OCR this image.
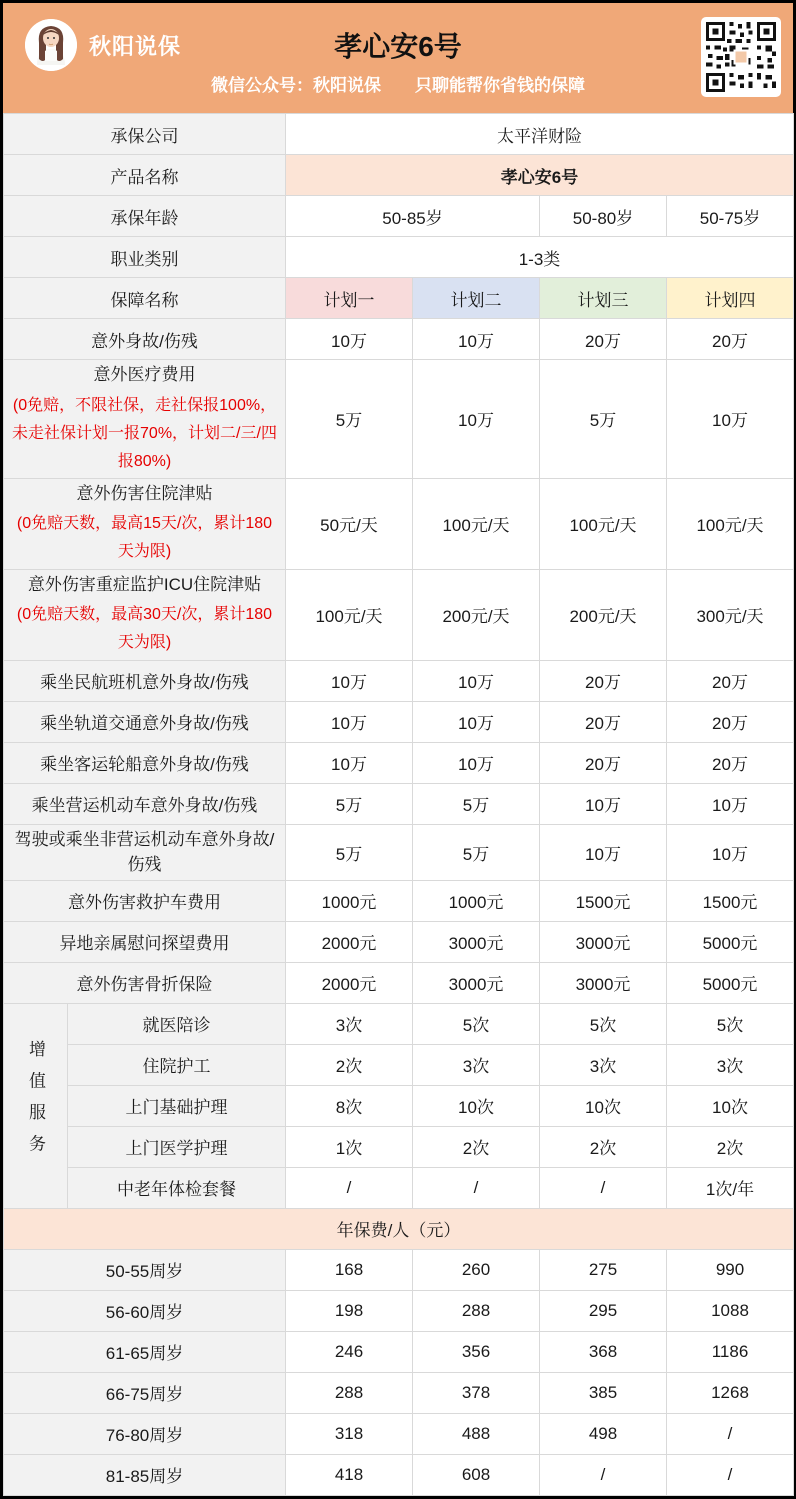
秋阳说保	孝心安6号
微信公众号：秋阳说保　　只聊能帮你省钱的保障
承保公司		太平洋财险			
产品名称		孝心安6号			
承保年龄		50-85岁		50-80岁	50-75岁
职业类别		1-3类			
保障名称		计划一	计划二	计划三	计划四
意外身故/伤残		10万	10万	20万	20万

意外医疗费用
(0免赔，不限社保，走社保报100%，未走社保计划一报70%，计划二/三/四报80%)		5万	10万	5万	10万

意外伤害住院津贴
(0免赔天数，最高15天/次，累计180天为限)		50元/天	100元/天	100元/天	100元/天

意外伤害重症监护ICU住院津贴
(0免赔天数，最高30天/次，累计180天为限)		100元/天	200元/天	200元/天	300元/天
乘坐民航班机意外身故/伤残		10万	10万	20万	20万
乘坐轨道交通意外身故/伤残		10万	10万	20万	20万
乘坐客运轮船意外身故/伤残		10万	10万	20万	20万
乘坐营运机动车意外身故/伤残		5万	5万	10万	10万

驾驶或乘坐非营运机动车意外身故/伤残		5万	5万	10万	10万
意外伤害救护车费用		1000元	1000元	1500元	1500元
异地亲属慰问探望费用		2000元	3000元	3000元	5000元
意外伤害骨折保险		2000元	3000元	3000元	5000元
增值服务	就医陪诊	3次	5次	5次	5次
	住院护工	2次	3次	3次	3次
	上门基础护理	8次	10次	10次	10次
	上门医学护理	1次	2次	2次	2次
	中老年体检套餐	/	/	/	1次/年
年保费/人（元）					
50-55周岁		168	260	275	990
56-60周岁		198	288	295	1088
61-65周岁		246	356	368	1186
66-75周岁		288	378	385	1268
76-80周岁		318	488	498	/
81-85周岁		418	608	/	/
